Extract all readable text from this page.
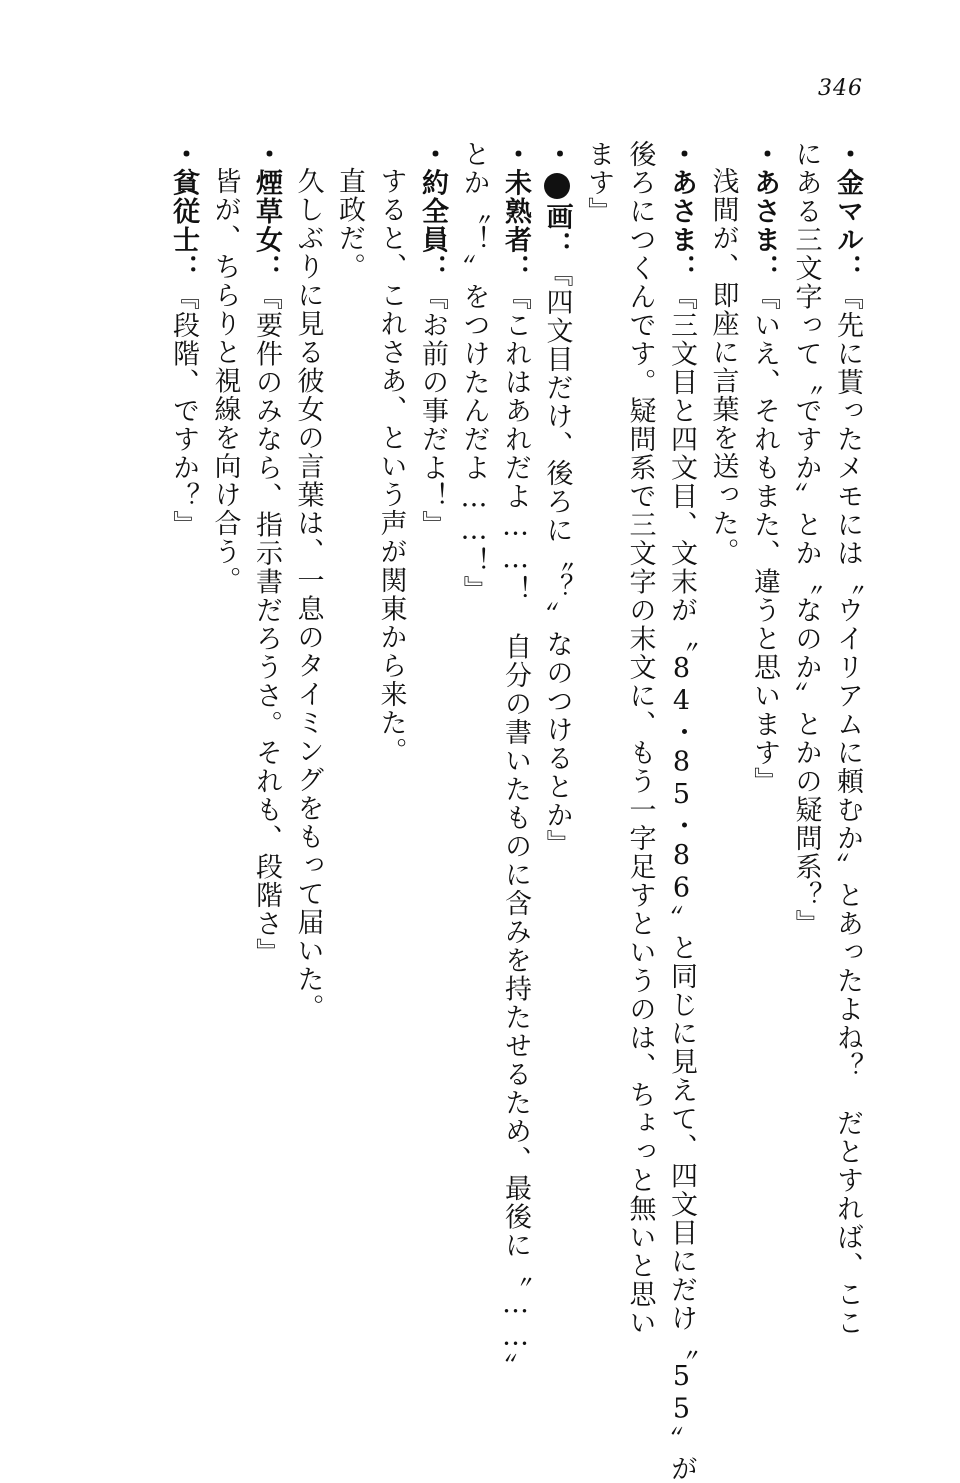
346
・金マル：『先に貰ったメモには〝ウイリアムに頼むか〟とあったよね？　だとすれば、ここ
にある三文字って〝ですか〟とか〝なのか〟とかの疑問系？』
・あさま：『いえ、それもまた、違うと思います』
浅間が、即座に言葉を送った。
・あさま：『三文目と四文目、文末が〝84・85・86〟と同じに見えて、四文目にだけ〝55〟が
後ろにつくんです。疑問系で三文字の末文に、もう一字足すというのは、ちょっと無いと思い
ます』
・画：『四文目だけ、後ろに〝？〟なのつけるとか』
・未熟者：『これはあれだよ……！　自分の書いたものに含みを持たせるため、最後に〝……〟
とか〝！〟をつけたんだよ……！』
・約全員：『お前の事だよ！』
すると、これさあ、という声が関東から来た。
直政だ。
久しぶりに見る彼女の言葉は、一息のタイミングをもって届いた。
・煙草女：『要件のみなら、指示書だろうさ。それも、段階さ』
皆が、ちらりと視線を向け合う。
・貧従士：『段階、ですか？』
